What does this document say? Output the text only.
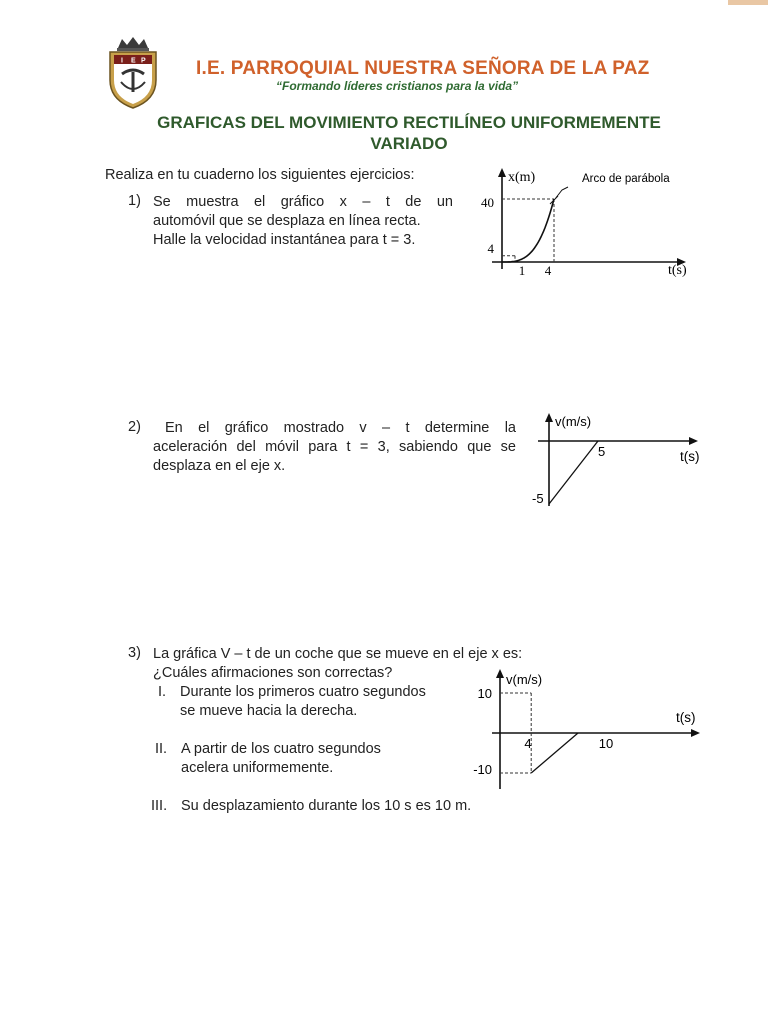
I E P	I.E. PARROQUIAL NUESTRA SEÑORA DE LA PAZ
“Formando líderes cristianos para la vida”
GRAFICAS DEL MOVIMIENTO RECTILÍNEO UNIFORMEMENTE
VARIADO
Realiza en tu cuaderno los siguientes ejercicios:
1) Se muestra el gráfico x – t de un
automóvil que se desplaza en línea recta.
Halle la velocidad instantánea para t = 3.
x(m)
t(s)
Arco de parábola
40
4
1 4
2)	En el gráfico mostrado v – t determine la
aceleración del móvil para t = 3, sabiendo que se
desplaza en el eje x.
v(m/s)
t(s)
5
-5
3) La gráfica V – t de un coche que se mueve en el eje x es:
¿Cuáles afirmaciones son correctas?
I. Durante los primeros cuatro segundos
se mueve hacia la derecha.
II. A partir de los cuatro segundos
acelera uniformemente.
III. Su desplazamiento durante los 10 s es 10 m.
v(m/s)
t(s)
10
-10
4	10
